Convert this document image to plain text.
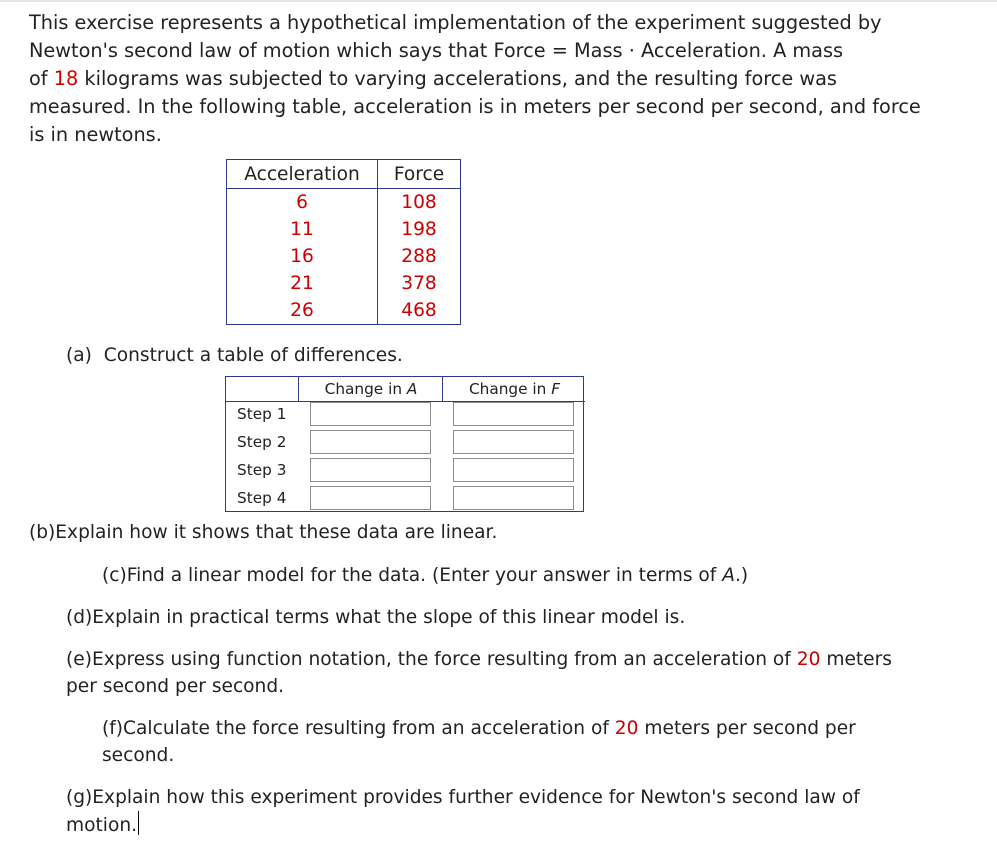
This exercise represents a hypothetical implementation of the experiment suggested by
Newton's second law of motion which says that Force = Mass · Acceleration. A mass
of 18 kilograms was subjected to varying accelerations, and the resulting force was
measured. In the following table, acceleration is in meters per second per second, and force
is in newtons.
Acceleration	Force
6	108
11	198
16	288
21	378
26	468
(a) Construct a table of differences.
Change in A	Change in F
Step 1
Step 2
Step 3
Step 4
(b)Explain how it shows that these data are linear.
(c)Find a linear model for the data. (Enter your answer in terms of A.)
(d)Explain in practical terms what the slope of this linear model is.
(e)Express using function notation, the force resulting from an acceleration of 20 meters
per second per second.
(f)Calculate the force resulting from an acceleration of 20 meters per second per
second.
(g)Explain how this experiment provides further evidence for Newton's second law of
motion.
